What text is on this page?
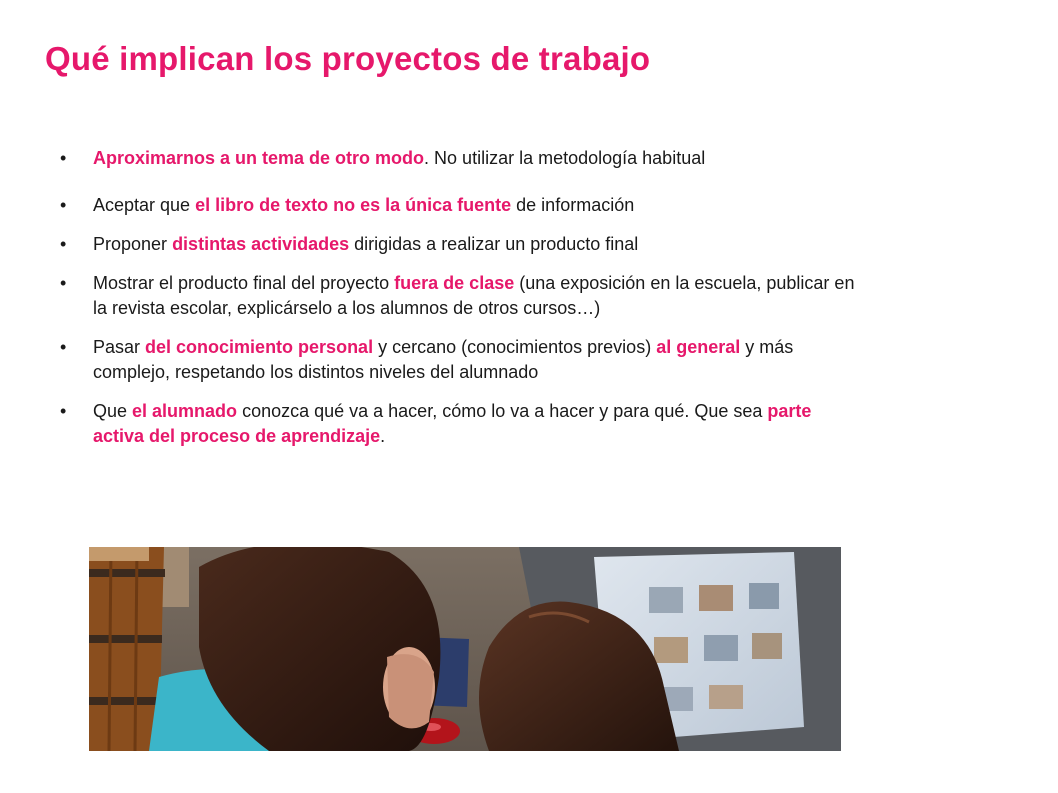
Qué implican los proyectos de trabajo
•	Aproximarnos a un tema de otro modo. No utilizar la metodología habitual
•	Aceptar que el libro de texto no es la única fuente de información
•	Proponer distintas actividades dirigidas a realizar un producto final
•	Mostrar el producto final del proyecto fuera de clase (una exposición en la escuela, publicar en la revista escolar, explicárselo a los alumnos de otros cursos…)
•	Pasar del conocimiento personal y cercano (conocimientos previos) al general y más complejo, respetando los distintos niveles del alumnado
•	Que el alumnado conozca qué va a hacer, cómo lo va a hacer y para qué. Que sea parte activa del proceso de aprendizaje.
